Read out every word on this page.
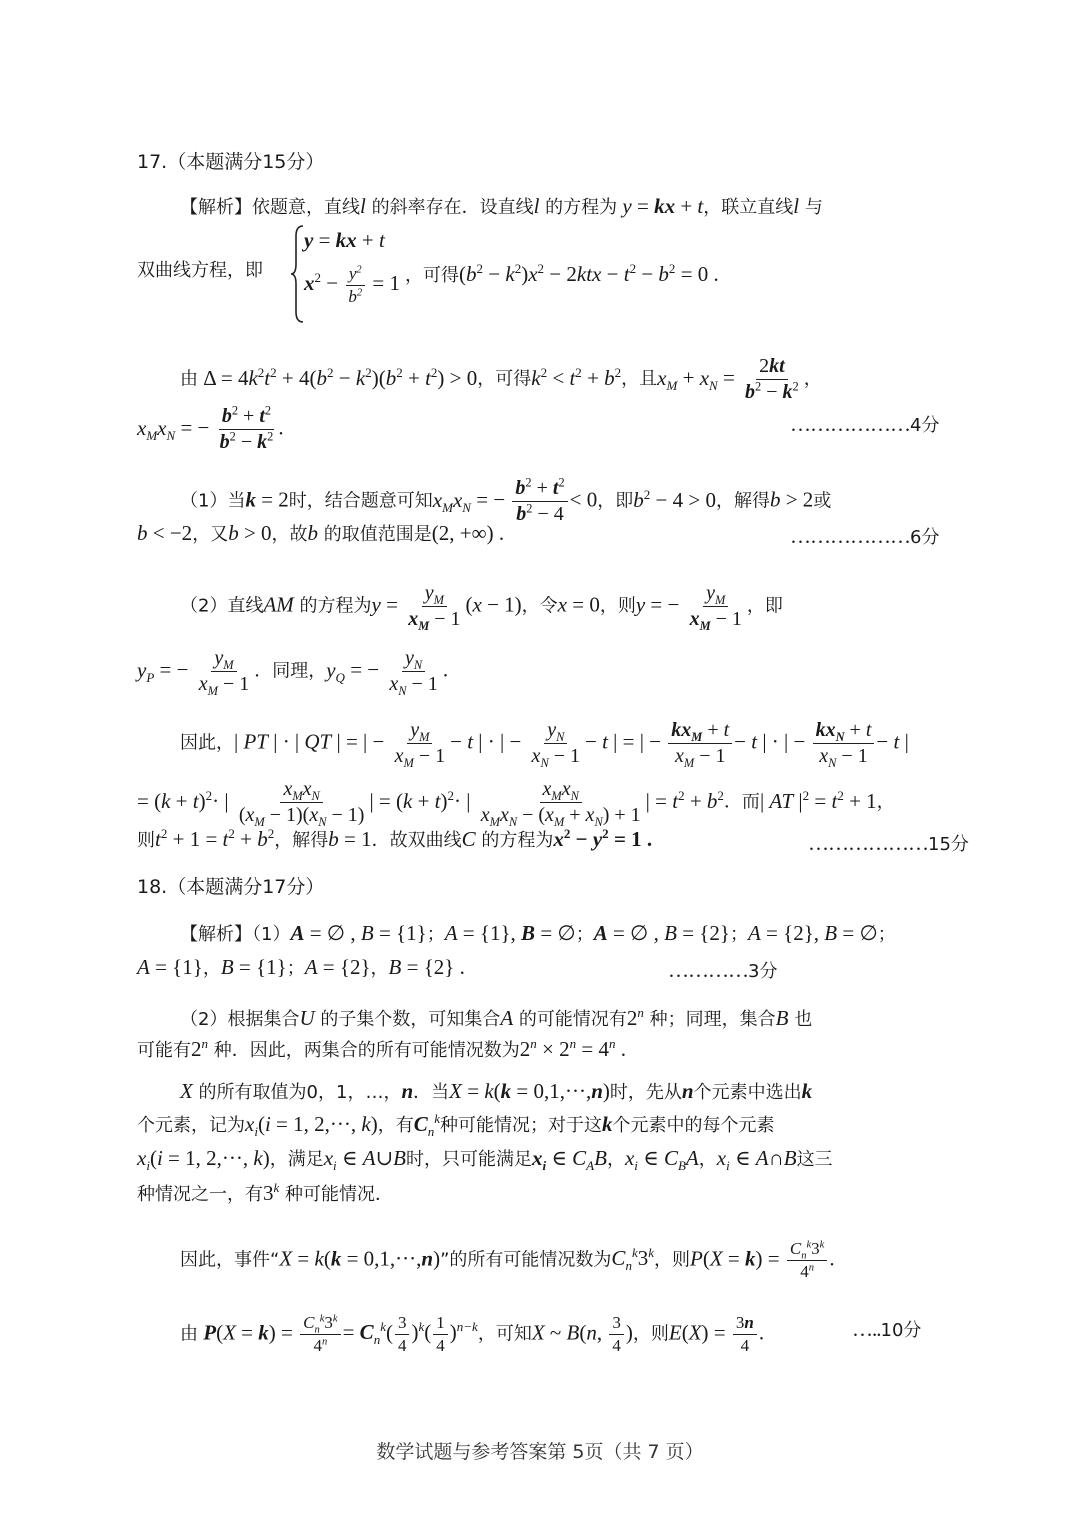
17.（本题满分15分）
【解析】依题意，直线l 的斜率存在．设直线l 的方程为 y = kx + t，联立直线l 与
双曲线方程，即
y = kx + t
$x^2 - \frac{y^2}{b^2} = 1$ ，可得$(b^2 - k^2)x^2 - 2ktx - t^2 - b^2 = 0$ .
由 $\Delta = 4k^2t^2 + 4(b^2 - k^2)(b^2 + t^2) > 0$，可得$k^2 < t^2 + b^2$，且$x_M + x_N = \frac{2kt}{b^2 - k^2}$ ，
$x_Mx_N$ = − $\frac{b^2 + t^2}{b^2 - k^2}$ .	………………4分
（1）当k = 2时，结合题意可知$x_Mx_N$ = − $\frac{b^2 + t^2}{b^2 - 4} < 0$，即$b^2 - 4 > 0$，解得b > 2或
b < −2，又b > 0，故b 的取值范围是(2, +∞) .	………………6分
（2）直线AM 的方程为$y = \frac{y_M}{x_M - 1} (x - 1)$，令x = 0，则y = − $\frac{y_M}{x_M - 1}$ ，即
$y_P$ = − $\frac{y_M}{x_M - 1}$ ．同理，$y_Q$ = − $\frac{y_N}{x_N - 1}$ .
因此，| PT | · | QT | = | − $\frac{y_M}{x_M - 1} - t$ | · | − $\frac{y_N}{x_N - 1} - t$ | = | − $\frac{kx_M + t}{x_M - 1} - t$ | · | − $\frac{kx_N + t}{x_N - 1} - t$ |
= $(k + t)^2\cdot$ | $\frac{x_Mx_N}{(x_M - 1)(x_N - 1)}$ | = $(k + t)^2\cdot$ | $\frac{x_Mx_N}{x_Mx_N - (x_M + x_N) + 1}$ | = $t^2 + b^2$．而| AT $|^2 = t^2 + 1$，
则$t^2 + 1 = t^2 + b^2$，解得b = 1．故双曲线C 的方程为$x^2 - y^2 = 1$ .	………………15分
18.（本题满分17分）
【解析】（1）A = ∅ , B = {1}；A = {1}, B = ∅；A = ∅ , B = {2}；A = {2}, B = ∅；
A = {1}，B = {1}；A = {2}，B = {2} .	…………3分
（2）根据集合U 的子集个数，可知集合A 的可能情况有2$^n$ 种；同理，集合B 也
可能有2$^n$ 种．因此，两集合的所有可能情况数为$2^n \times 2^n = 4^n$ .
X 的所有取值为0，1，…，n．当X = k(k = 0,1,···,n)时，先从n个元素中选出k
个元素，记为$x_i(i = 1$, 2,···, k)，有$C_n^k$种可能情况；对于这k个元素中的每个元素
$x_i(i = 1$, 2,···, k)，满足$x_i$ ∈ A∪B时，只可能满足$x_i$ ∈ $C_AB$，$x_i$ ∈ $C_BA$，$x_i$ ∈ A∩B这三
种情况之一，有3$^k$ 种可能情况．
因此，事件“X = k(k = 0,1,···,n)”的所有可能情况数为$C_n^k3^k$，则$P(X = k) = \frac{C_n^k3^k}{4^n}$ .
由 $P(X = k) = \frac{C_n^k3^k}{4^n} = C_n^k( \frac{3}{4} )^k( \frac{1}{4} )^{n-k}$，可知X ~ B(n, $\frac{3}{4}$ )，则$E(X) = \frac{3n}{4}$ .	…..10分
数学试题与参考答案第 5页（共 7 页）
